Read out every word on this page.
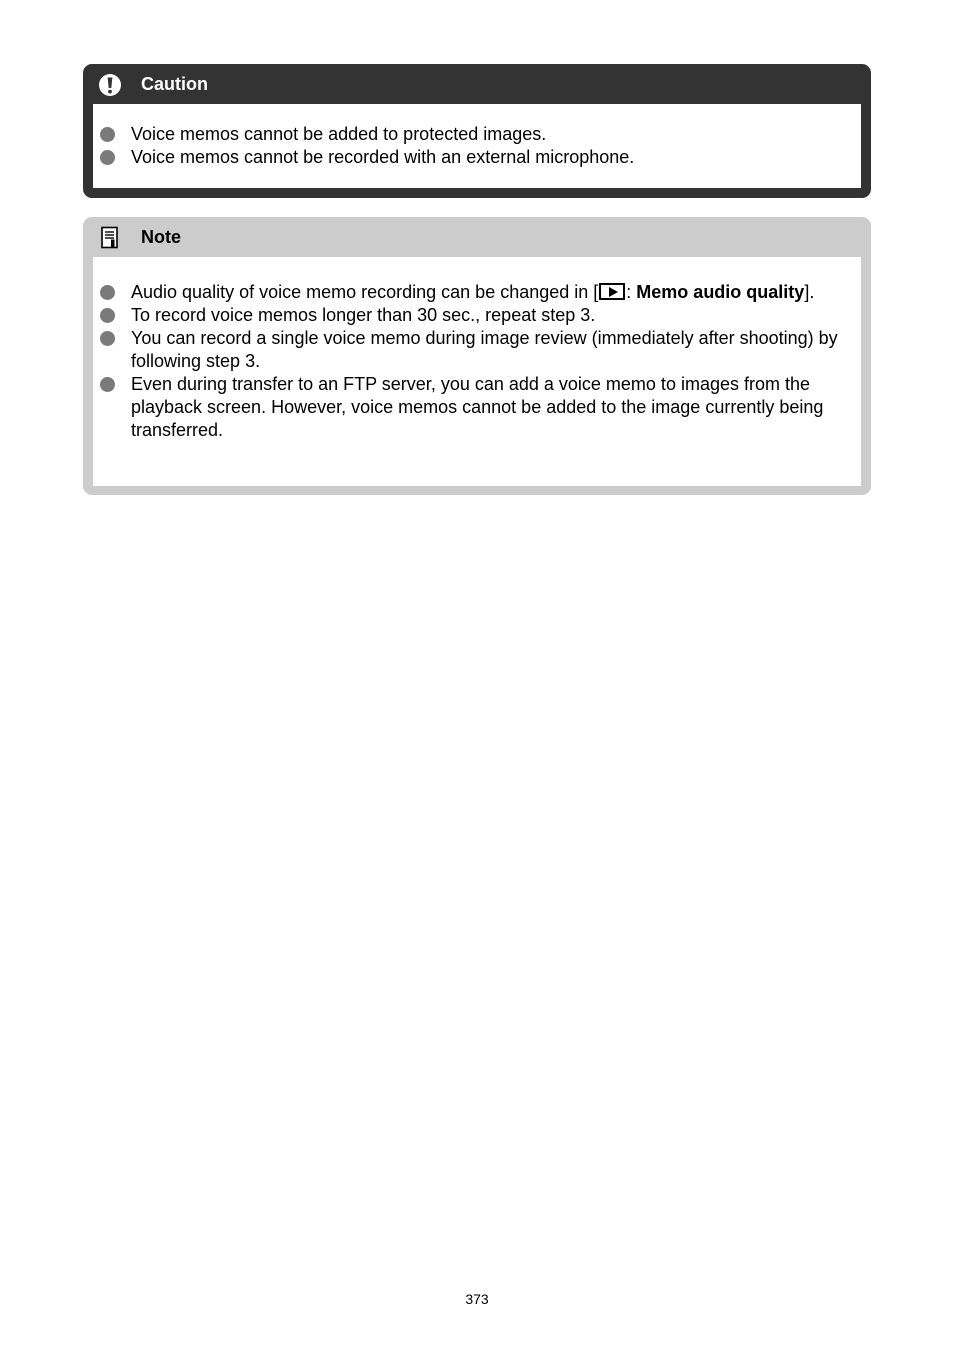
Caution
Voice memos cannot be added to protected images.
Voice memos cannot be recorded with an external microphone.
Note
Audio quality of voice memo recording can be changed in [ : Memo audio quality].
To record voice memos longer than 30 sec., repeat step 3.
You can record a single voice memo during image review (immediately after shooting) by following step 3.
Even during transfer to an FTP server, you can add a voice memo to images from the playback screen. However, voice memos cannot be added to the image currently being transferred.
373
